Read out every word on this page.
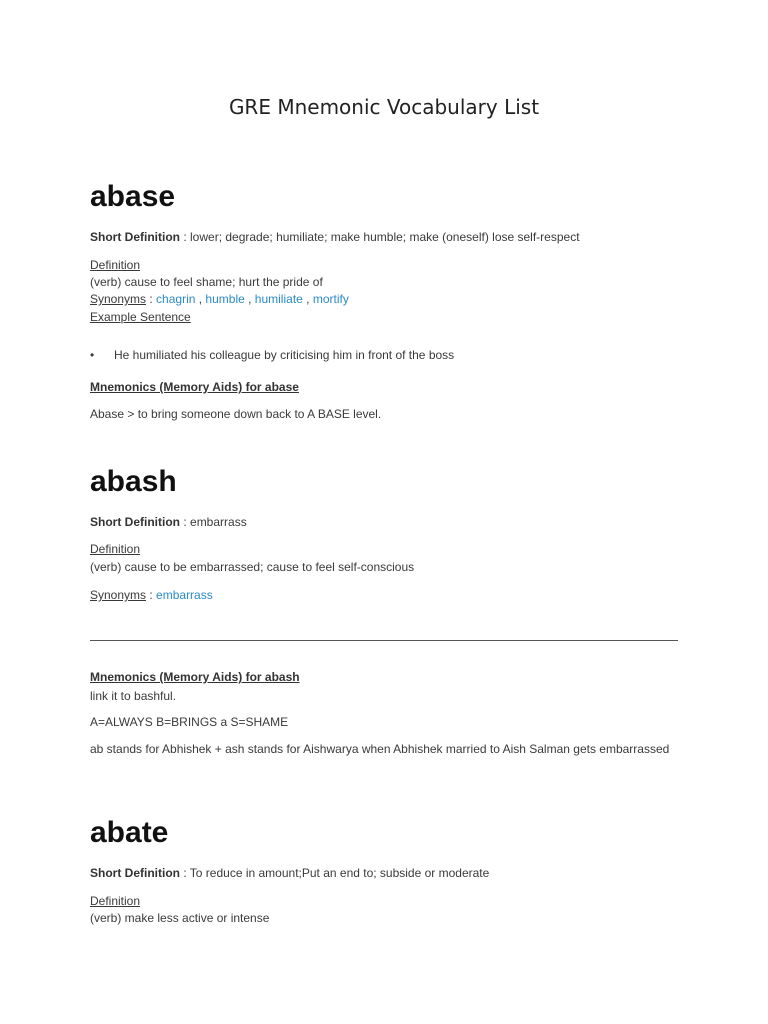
GRE Mnemonic Vocabulary List
abase
Short Definition : lower; degrade; humiliate; make humble; make (oneself) lose self-respect
Definition
(verb) cause to feel shame; hurt the pride of
Synonyms : chagrin , humble , humiliate , mortify
Example Sentence
• He humiliated his colleague by criticising him in front of the boss
Mnemonics (Memory Aids) for abase
Abase > to bring someone down back to A BASE level.
abash
Short Definition : embarrass
Definition
(verb) cause to be embarrassed; cause to feel self-conscious
Synonyms : embarrass
Mnemonics (Memory Aids) for abash
link it to bashful.
A=ALWAYS B=BRINGS a S=SHAME
ab stands for Abhishek + ash stands for Aishwarya when Abhishek married to Aish Salman gets embarrassed
abate
Short Definition : To reduce in amount;Put an end to; subside or moderate
Definition
(verb) make less active or intense
